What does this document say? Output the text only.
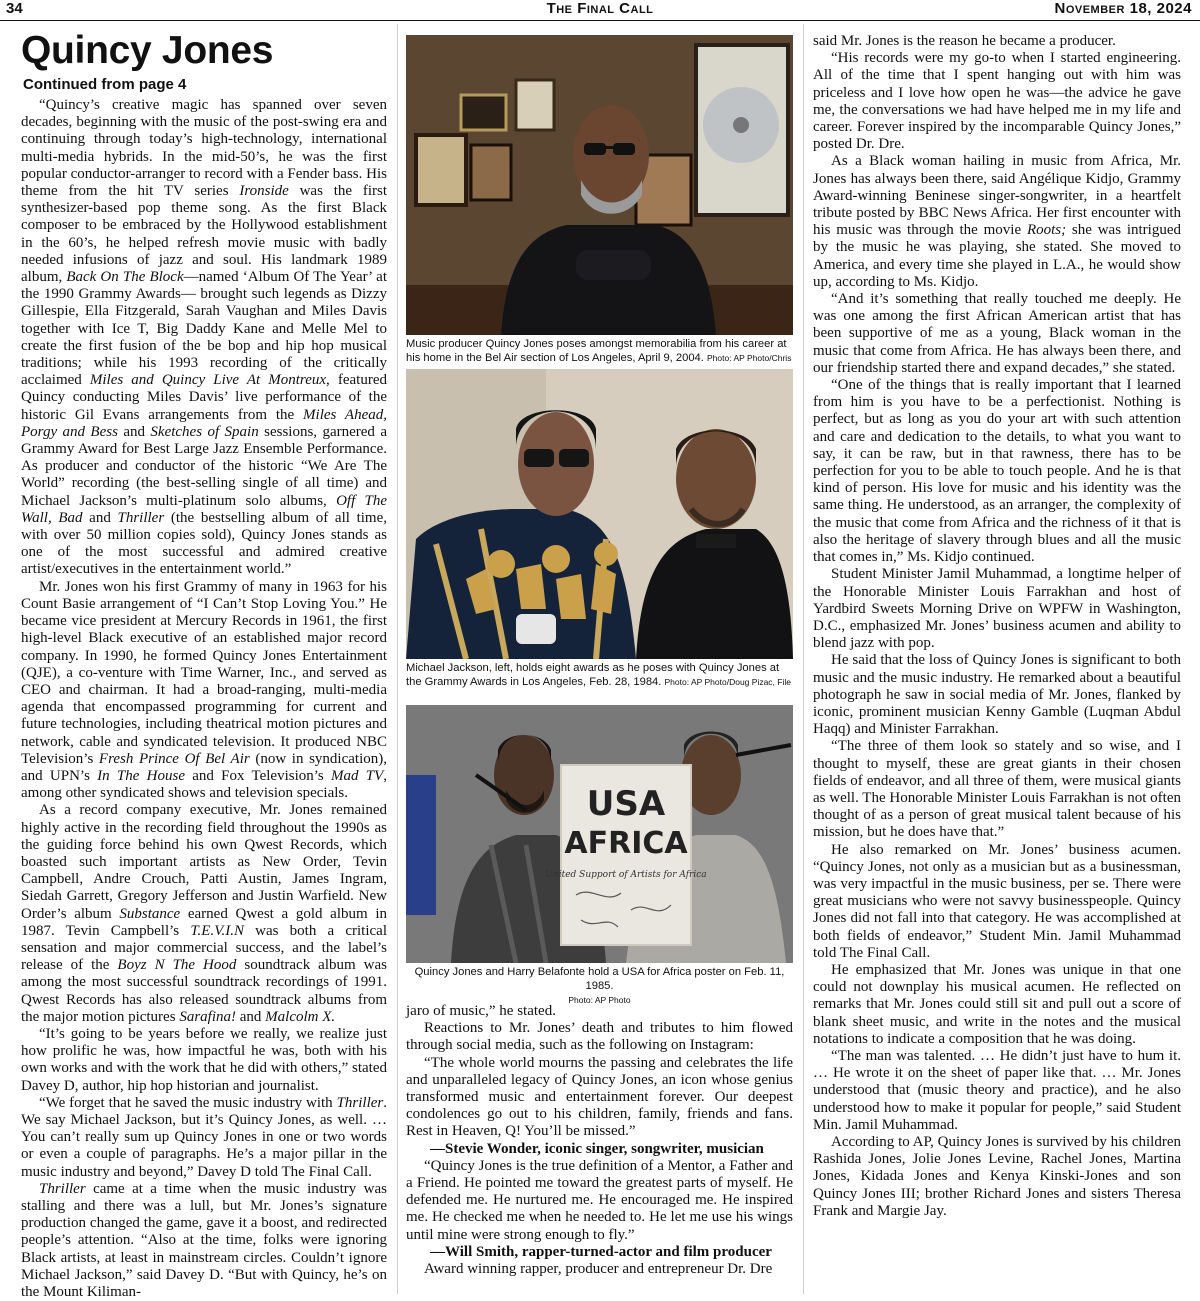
34	The Final Call	November 18, 2024
Quincy Jones
Continued from page 4

“Quincy’s creative magic has spanned over seven decades, beginning with the music of the post-swing era and continuing through today’s high-technology, international multi-media hybrids. In the mid-50’s, he was the first popular conductor-arranger to record with a Fender bass. His theme from the hit TV series Ironside was the first synthesizer-based pop theme song. As the first Black composer to be embraced by the Hollywood establishment in the 60’s, he helped refresh movie music with badly needed infusions of jazz and soul. His landmark 1989 album, Back On The Block—named ‘Album Of The Year’ at the 1990 Grammy Awards— brought such legends as Dizzy Gillespie, Ella Fitzgerald, Sarah Vaughan and Miles Davis together with Ice T, Big Daddy Kane and Melle Mel to create the first fusion of the be bop and hip hop musical traditions; while his 1993 recording of the critically acclaimed Miles and Quincy Live At Montreux, featured Quincy conducting Miles Davis’ live performance of the historic Gil Evans arrangements from the Miles Ahead, Porgy and Bess and Sketches of Spain sessions, garnered a Grammy Award for Best Large Jazz Ensemble Performance. As producer and conductor of the historic “We Are The World” recording (the best-selling single of all time) and Michael Jackson’s multi-platinum solo albums, Off The Wall, Bad and Thriller (the bestselling album of all time, with over 50 million copies sold), Quincy Jones stands as one of the most successful and admired creative artist/executives in the entertainment world.”

Mr. Jones won his first Grammy of many in 1963 for his Count Basie arrangement of “I Can’t Stop Loving You.” He became vice president at Mercury Records in 1961, the first high-level Black executive of an established major record company. In 1990, he formed Quincy Jones Entertainment (QJE), a co-venture with Time Warner, Inc., and served as CEO and chairman. It had a broad-ranging, multi-media agenda that encompassed programming for current and future technologies, including theatrical motion pictures and network, cable and syndicated television. It produced NBC Television’s Fresh Prince Of Bel Air (now in syndication), and UPN’s In The House and Fox Television’s Mad TV, among other syndicated shows and television specials.

As a record company executive, Mr. Jones remained highly active in the recording field throughout the 1990s as the guiding force behind his own Qwest Records, which boasted such important artists as New Order, Tevin Campbell, Andre Crouch, Patti Austin, James Ingram, Siedah Garrett, Gregory Jefferson and Justin Warfield. New Order’s album Substance earned Qwest a gold album in 1987. Tevin Campbell’s T.E.V.I.N was both a critical sensation and major commercial success, and the label’s release of the Boyz N The Hood soundtrack album was among the most successful soundtrack recordings of 1991. Qwest Records has also released soundtrack albums from the major motion pictures Sarafina! and Malcolm X.

“It’s going to be years before we really, we realize just how prolific he was, how impactful he was, both with his own works and with the work that he did with others,” stated Davey D, author, hip hop historian and journalist.

“We forget that he saved the music industry with Thriller. We say Michael Jackson, but it’s Quincy Jones, as well. … You can’t really sum up Quincy Jones in one or two words or even a couple of paragraphs. He’s a major pillar in the music industry and beyond,” Davey D told The Final Call.

Thriller came at a time when the music industry was stalling and there was a lull, but Mr. Jones’s signature production changed the game, gave it a boost, and redirected people’s attention. “Also at the time, folks were ignoring Black artists, at least in mainstream circles. Couldn’t ignore Michael Jackson,” said Davey D. “But with Quincy, he’s on the Mount Kiliman-

Music producer Quincy Jones poses amongst memorabilia from his career at his home in the Bel Air section of Los Angeles, April 9, 2004. Photo: AP Photo/Chris
Michael Jackson, left, holds eight awards as he poses with Quincy Jones at the Grammy Awards in Los Angeles, Feb. 28, 1984. Photo: AP Photo/Doug Pizac, File
USA
AFRICA
United Support of Artists for Africa
Quincy Jones and Harry Belafonte hold a USA for Africa poster on Feb. 11, 1985.
Photo: AP Photo

jaro of music,” he stated.

Reactions to Mr. Jones’ death and tributes to him flowed through social media, such as the following on Instagram:

“The whole world mourns the passing and celebrates the life and unparalleled legacy of Quincy Jones, an icon whose genius transformed music and entertainment forever. Our deepest condolences go out to his children, family, friends and fans. Rest in Heaven, Q! You’ll be missed.”

—Stevie Wonder, iconic singer, songwriter, musician

“Quincy Jones is the true definition of a Mentor, a Father and a Friend. He pointed me toward the greatest parts of myself. He defended me. He nurtured me. He encouraged me. He inspired me. He checked me when he needed to. He let me use his wings until mine were strong enough to fly.”

—Will Smith, rapper-turned-actor and film producer

Award winning rapper, producer and entrepreneur Dr. Dre

said Mr. Jones is the reason he became a producer.

“His records were my go-to when I started engineering. All of the time that I spent hanging out with him was priceless and I love how open he was—the advice he gave me, the conversations we had have helped me in my life and career. Forever inspired by the incomparable Quincy Jones,” posted Dr. Dre.

As a Black woman hailing in music from Africa, Mr. Jones has always been there, said Angélique Kidjo, Grammy Award-winning Beninese singer-songwriter, in a heartfelt tribute posted by BBC News Africa. Her first encounter with his music was through the movie Roots; she was intrigued by the music he was playing, she stated. She moved to America, and every time she played in L.A., he would show up, according to Ms. Kidjo.

“And it’s something that really touched me deeply. He was one among the first African American artist that has been supportive of me as a young, Black woman in the music that come from Africa. He has always been there, and our friendship started there and expand decades,” she stated.

“One of the things that is really important that I learned from him is you have to be a perfectionist. Nothing is perfect, but as long as you do your art with such attention and care and dedication to the details, to what you want to say, it can be raw, but in that rawness, there has to be perfection for you to be able to touch people. And he is that kind of person. His love for music and his identity was the same thing. He understood, as an arranger, the complexity of the music that come from Africa and the richness of it that is also the heritage of slavery through blues and all the music that comes in,” Ms. Kidjo continued.

Student Minister Jamil Muhammad, a longtime helper of the Honorable Minister Louis Farrakhan and host of Yardbird Sweets Morning Drive on WPFW in Washington, D.C., emphasized Mr. Jones’ business acumen and ability to blend jazz with pop.

He said that the loss of Quincy Jones is significant to both music and the music industry. He remarked about a beautiful photograph he saw in social media of Mr. Jones, flanked by iconic, prominent musician Kenny Gamble (Luqman Abdul Haqq) and Minister Farrakhan.

“The three of them look so stately and so wise, and I thought to myself, these are great giants in their chosen fields of endeavor, and all three of them, were musical giants as well. The Honorable Minister Louis Farrakhan is not often thought of as a person of great musical talent because of his mission, but he does have that.”

He also remarked on Mr. Jones’ business acumen. “Quincy Jones, not only as a musician but as a businessman, was very impactful in the music business, per se. There were great musicians who were not savvy businesspeople. Quincy Jones did not fall into that category. He was accomplished at both fields of endeavor,” Student Min. Jamil Muhammad told The Final Call.

He emphasized that Mr. Jones was unique in that one could not downplay his musical acumen. He reflected on remarks that Mr. Jones could still sit and pull out a score of blank sheet music, and write in the notes and the musical notations to indicate a composition that he was doing.

“The man was talented. … He didn’t just have to hum it. … He wrote it on the sheet of paper like that. … Mr. Jones understood that (music theory and practice), and he also understood how to make it popular for people,” said Student Min. Jamil Muhammad.

According to AP, Quincy Jones is survived by his children Rashida Jones, Jolie Jones Levine, Rachel Jones, Martina Jones, Kidada Jones and Kenya Kinski-Jones and son Quincy Jones III; brother Richard Jones and sisters Theresa Frank and Margie Jay.
